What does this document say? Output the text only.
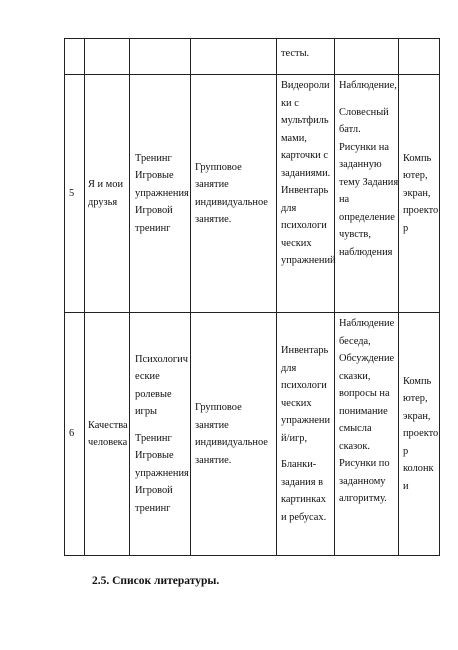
тесты.
5

Я и мои

друзья

Тренинг

Игровые

упражнения

Игровой

тренинг

Групповое

занятие

индивидуальное

занятие.

Видеороли

ки с

мультфиль

мами,

карточки с

заданиями.

Инвентарь

для

психологи

ческих

упражнений

Наблюдение,

Словесный

батл.

Рисунки на

заданную

тему Задания

на

определение

чувств,

наблюдения

Компь

ютер,

экран,

проекто

р

6

Качества

человека

Психологич

еские

ролевые

игры

Тренинг

Игровые

упражнения

Игровой

тренинг

Групповое

занятие

индивидуальное

занятие.

Инвентарь

для

психологи

ческих

упражнени

й/игр,

Бланки-

задания в

картинках

и ребусах.

Наблюдение

беседа,

Обсуждение

сказки,

вопросы на

понимание

смысла

сказок.

Рисунки по

заданному

алгоритму.

Компь

ютер,

экран,

проекто

р

колонк

и

2.5. Список литературы.
